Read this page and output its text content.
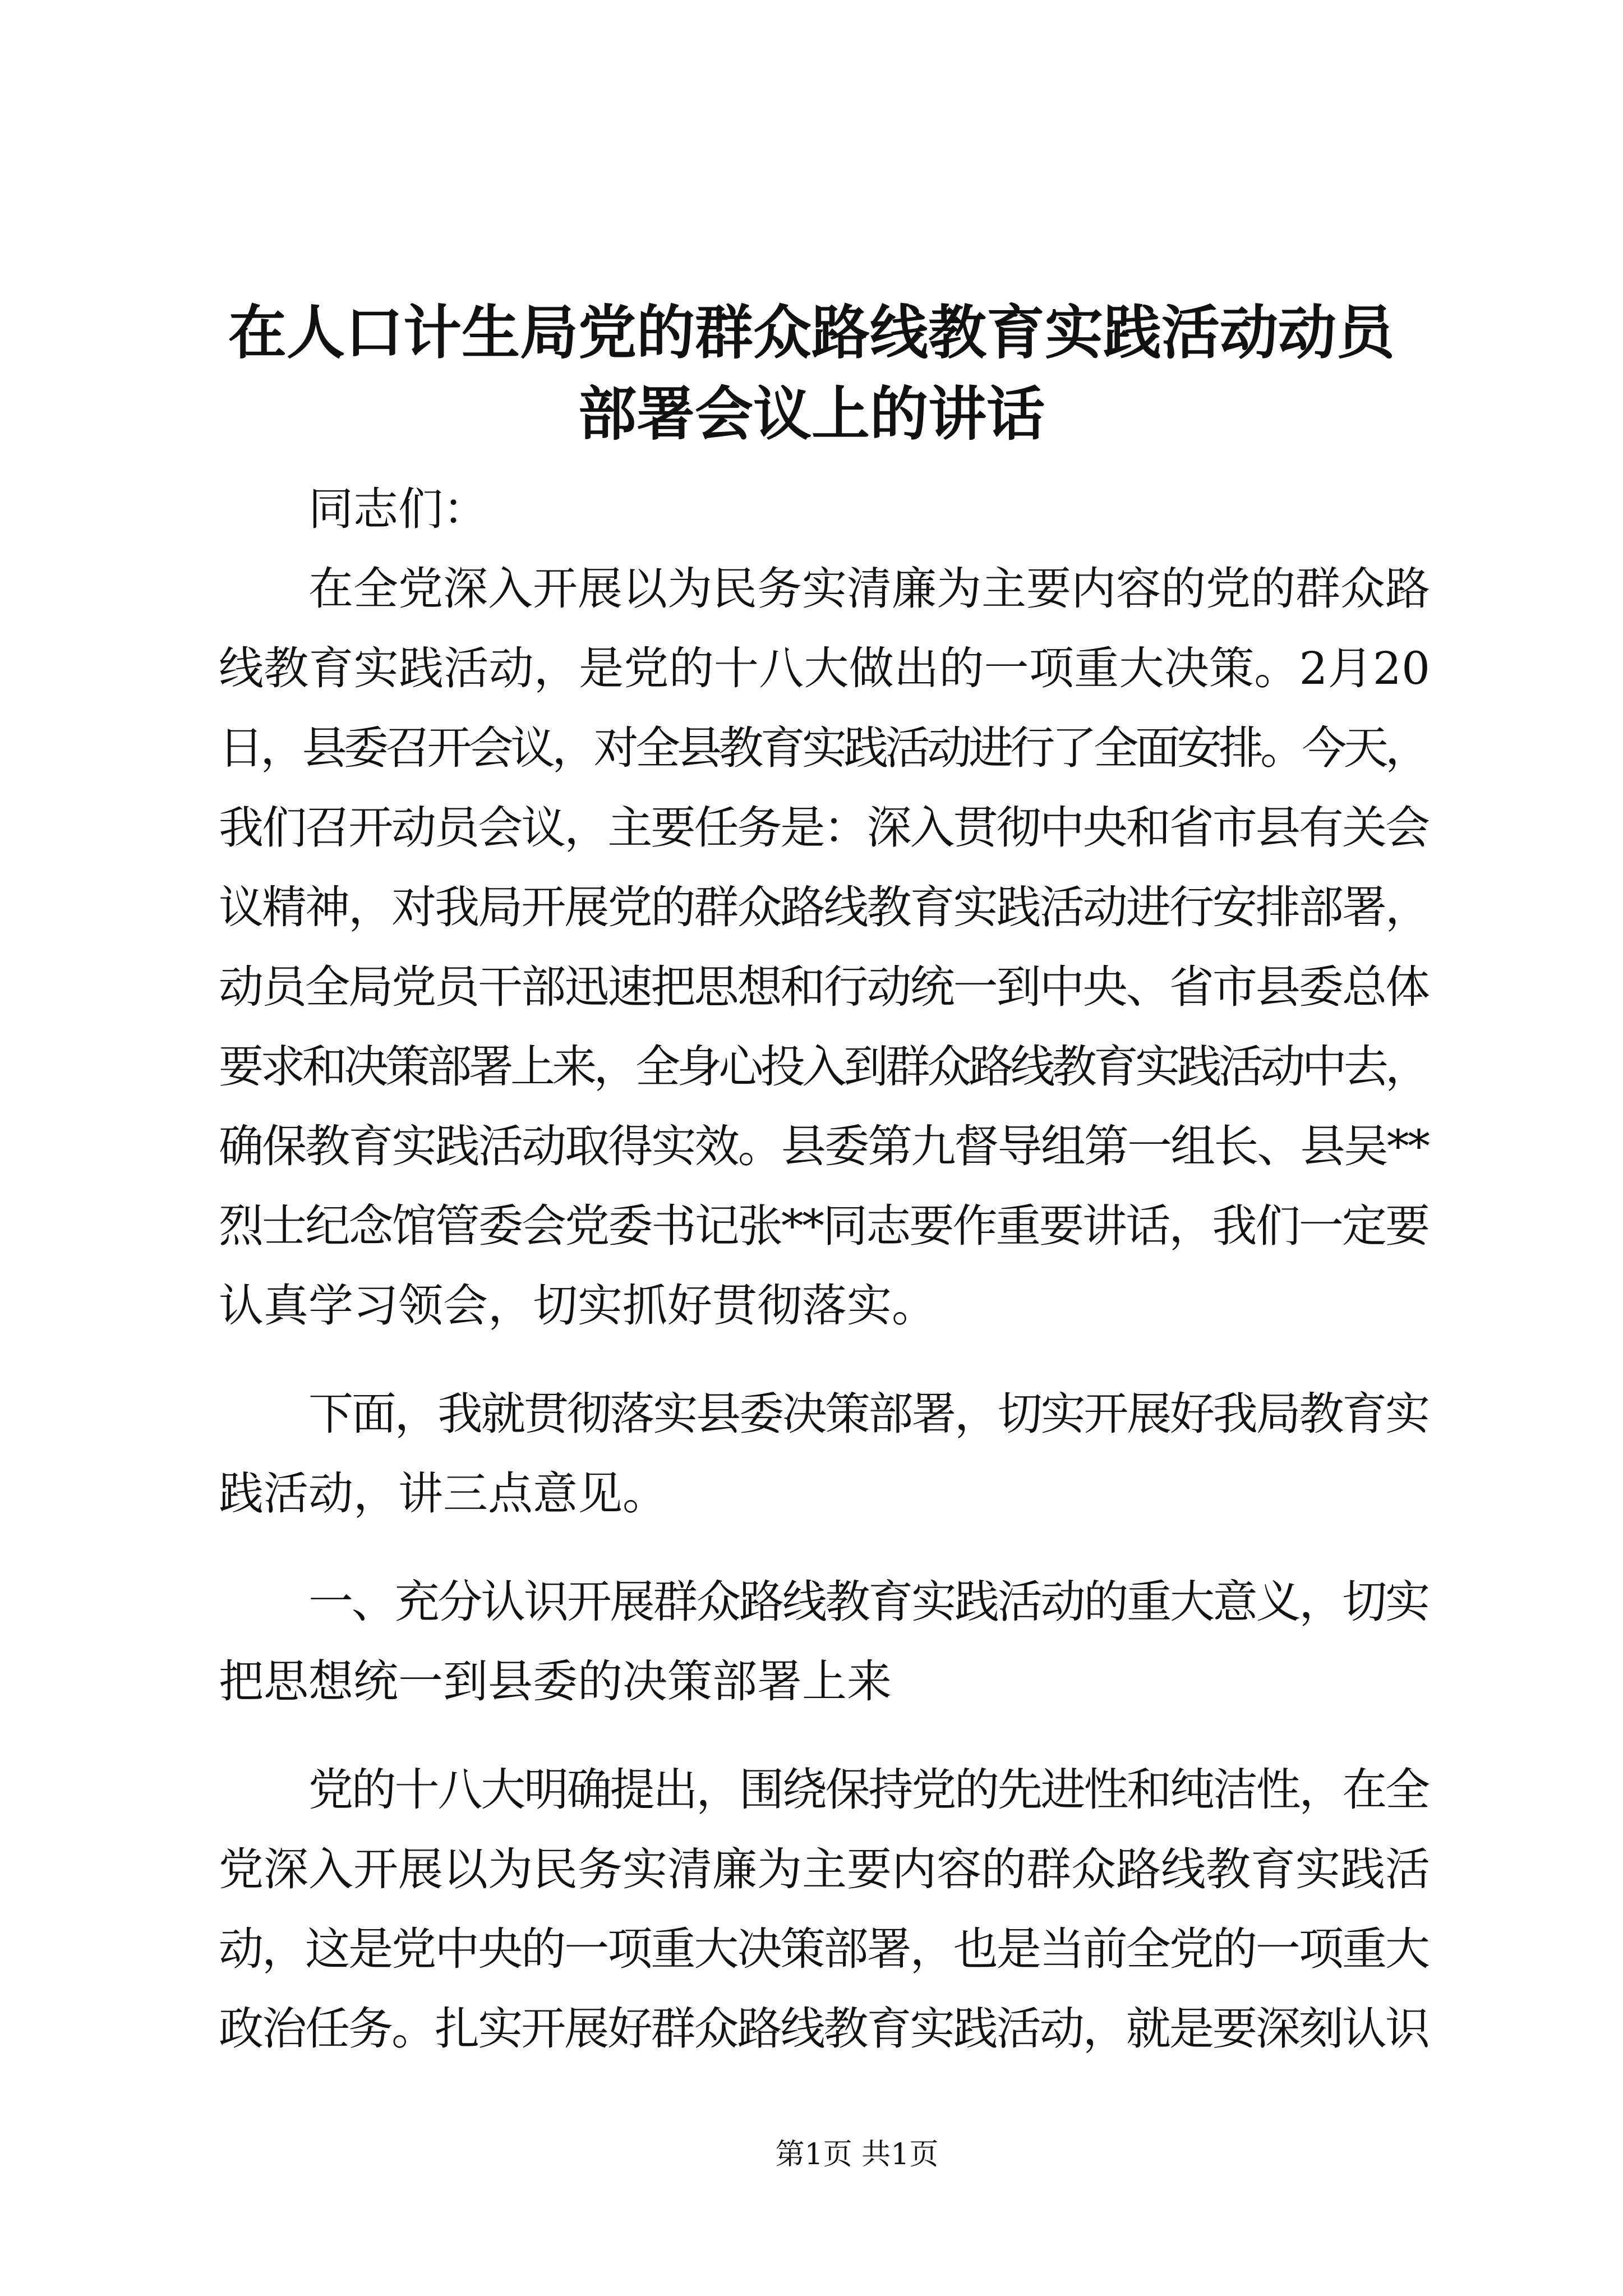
在人口计生局党的群众路线教育实践活动动员
部署会议上的讲话
同志们：
在全党深入开展以为民务实清廉为主要内容的党的群众路
线教育实践活动，是党的十八大做出的一项重大决策。2月20
日，县委召开会议，对全县教育实践活动进行了全面安排。今天，
我们召开动员会议，主要任务是：深入贯彻中央和省市县有关会
议精神，对我局开展党的群众路线教育实践活动进行安排部署，
动员全局党员干部迅速把思想和行动统一到中央、省市县委总体
要求和决策部署上来，全身心投入到群众路线教育实践活动中去，
确保教育实践活动取得实效。县委第九督导组第一组长、县吴**
烈士纪念馆管委会党委书记张**同志要作重要讲话，我们一定要
认真学习领会，切实抓好贯彻落实。
下面，我就贯彻落实县委决策部署，切实开展好我局教育实
践活动，讲三点意见。
一、充分认识开展群众路线教育实践活动的重大意义，切实
把思想统一到县委的决策部署上来
党的十八大明确提出，围绕保持党的先进性和纯洁性，在全
党深入开展以为民务实清廉为主要内容的群众路线教育实践活
动，这是党中央的一项重大决策部署，也是当前全党的一项重大
政治任务。扎实开展好群众路线教育实践活动，就是要深刻认识
第1页 共1页
